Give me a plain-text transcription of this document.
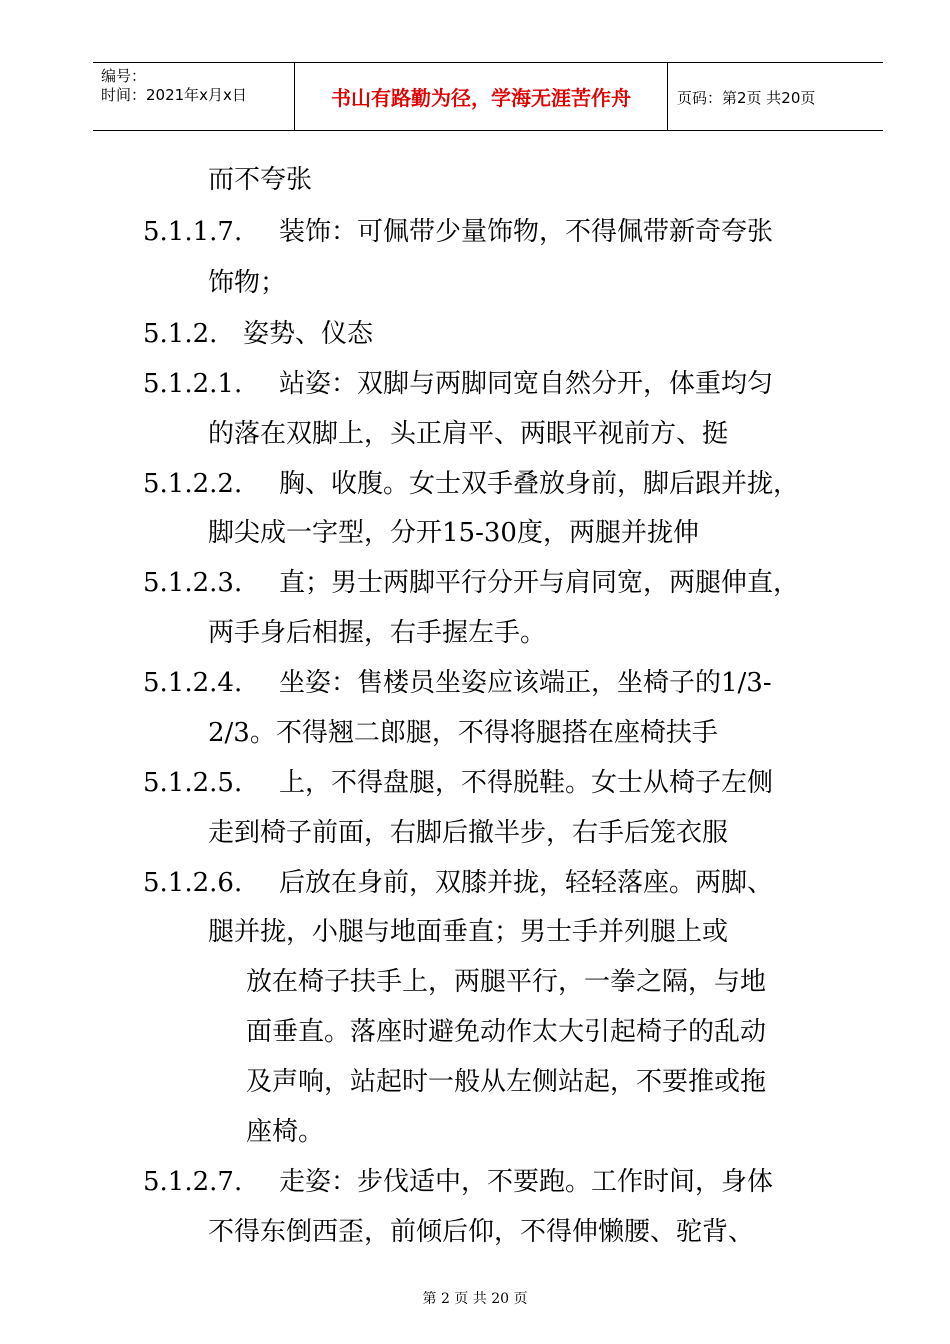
编号：
时间：2021年x月x日	书山有路勤为径，学海无涯苦作舟	页码：第2页 共20页
而不夸张
5.1.1.7. 装饰：可佩带少量饰物，不得佩带新奇夸张
饰物；
5.1.2. 姿势、仪态
5.1.2.1. 站姿：双脚与两脚同宽自然分开，体重均匀
的落在双脚上，头正肩平、两眼平视前方、挺
5.1.2.2. 胸、收腹。女士双手叠放身前，脚后跟并拢，
脚尖成一字型，分开15-30度，两腿并拢伸
5.1.2.3. 直；男士两脚平行分开与肩同宽，两腿伸直，
两手身后相握，右手握左手。
5.1.2.4. 坐姿：售楼员坐姿应该端正，坐椅子的1/3-
2/3。不得翘二郎腿，不得将腿搭在座椅扶手
5.1.2.5. 上，不得盘腿，不得脱鞋。女士从椅子左侧
走到椅子前面，右脚后撤半步，右手后笼衣服
5.1.2.6. 后放在身前，双膝并拢，轻轻落座。两脚、
腿并拢，小腿与地面垂直；男士手并列腿上或
放在椅子扶手上，两腿平行，一拳之隔，与地
面垂直。落座时避免动作太大引起椅子的乱动
及声响，站起时一般从左侧站起，不要推或拖
座椅。
5.1.2.7. 走姿：步伐适中，不要跑。工作时间，身体
不得东倒西歪，前倾后仰，不得伸懒腰、驼背、
第 2 页 共 20 页
